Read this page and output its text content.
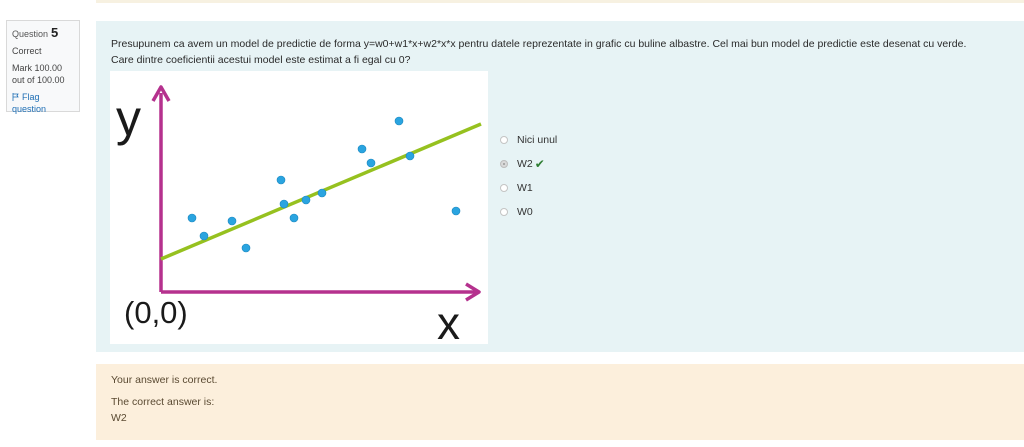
Question 5
Correct
Mark 100.00 out of 100.00
Flag question
Presupunem ca avem un model de predictie de forma y=w0+w1*x+w2*x*x pentru datele reprezentate in grafic cu buline albastre. Cel mai bun model de predictie este desenat cu verde.
Care dintre coeficientii acestui model este estimat a fi egal cu 0?
y
(0,0)	x
Nici unul
W2 ✔
W1
W0
Your answer is correct.
The correct answer is:
W2
